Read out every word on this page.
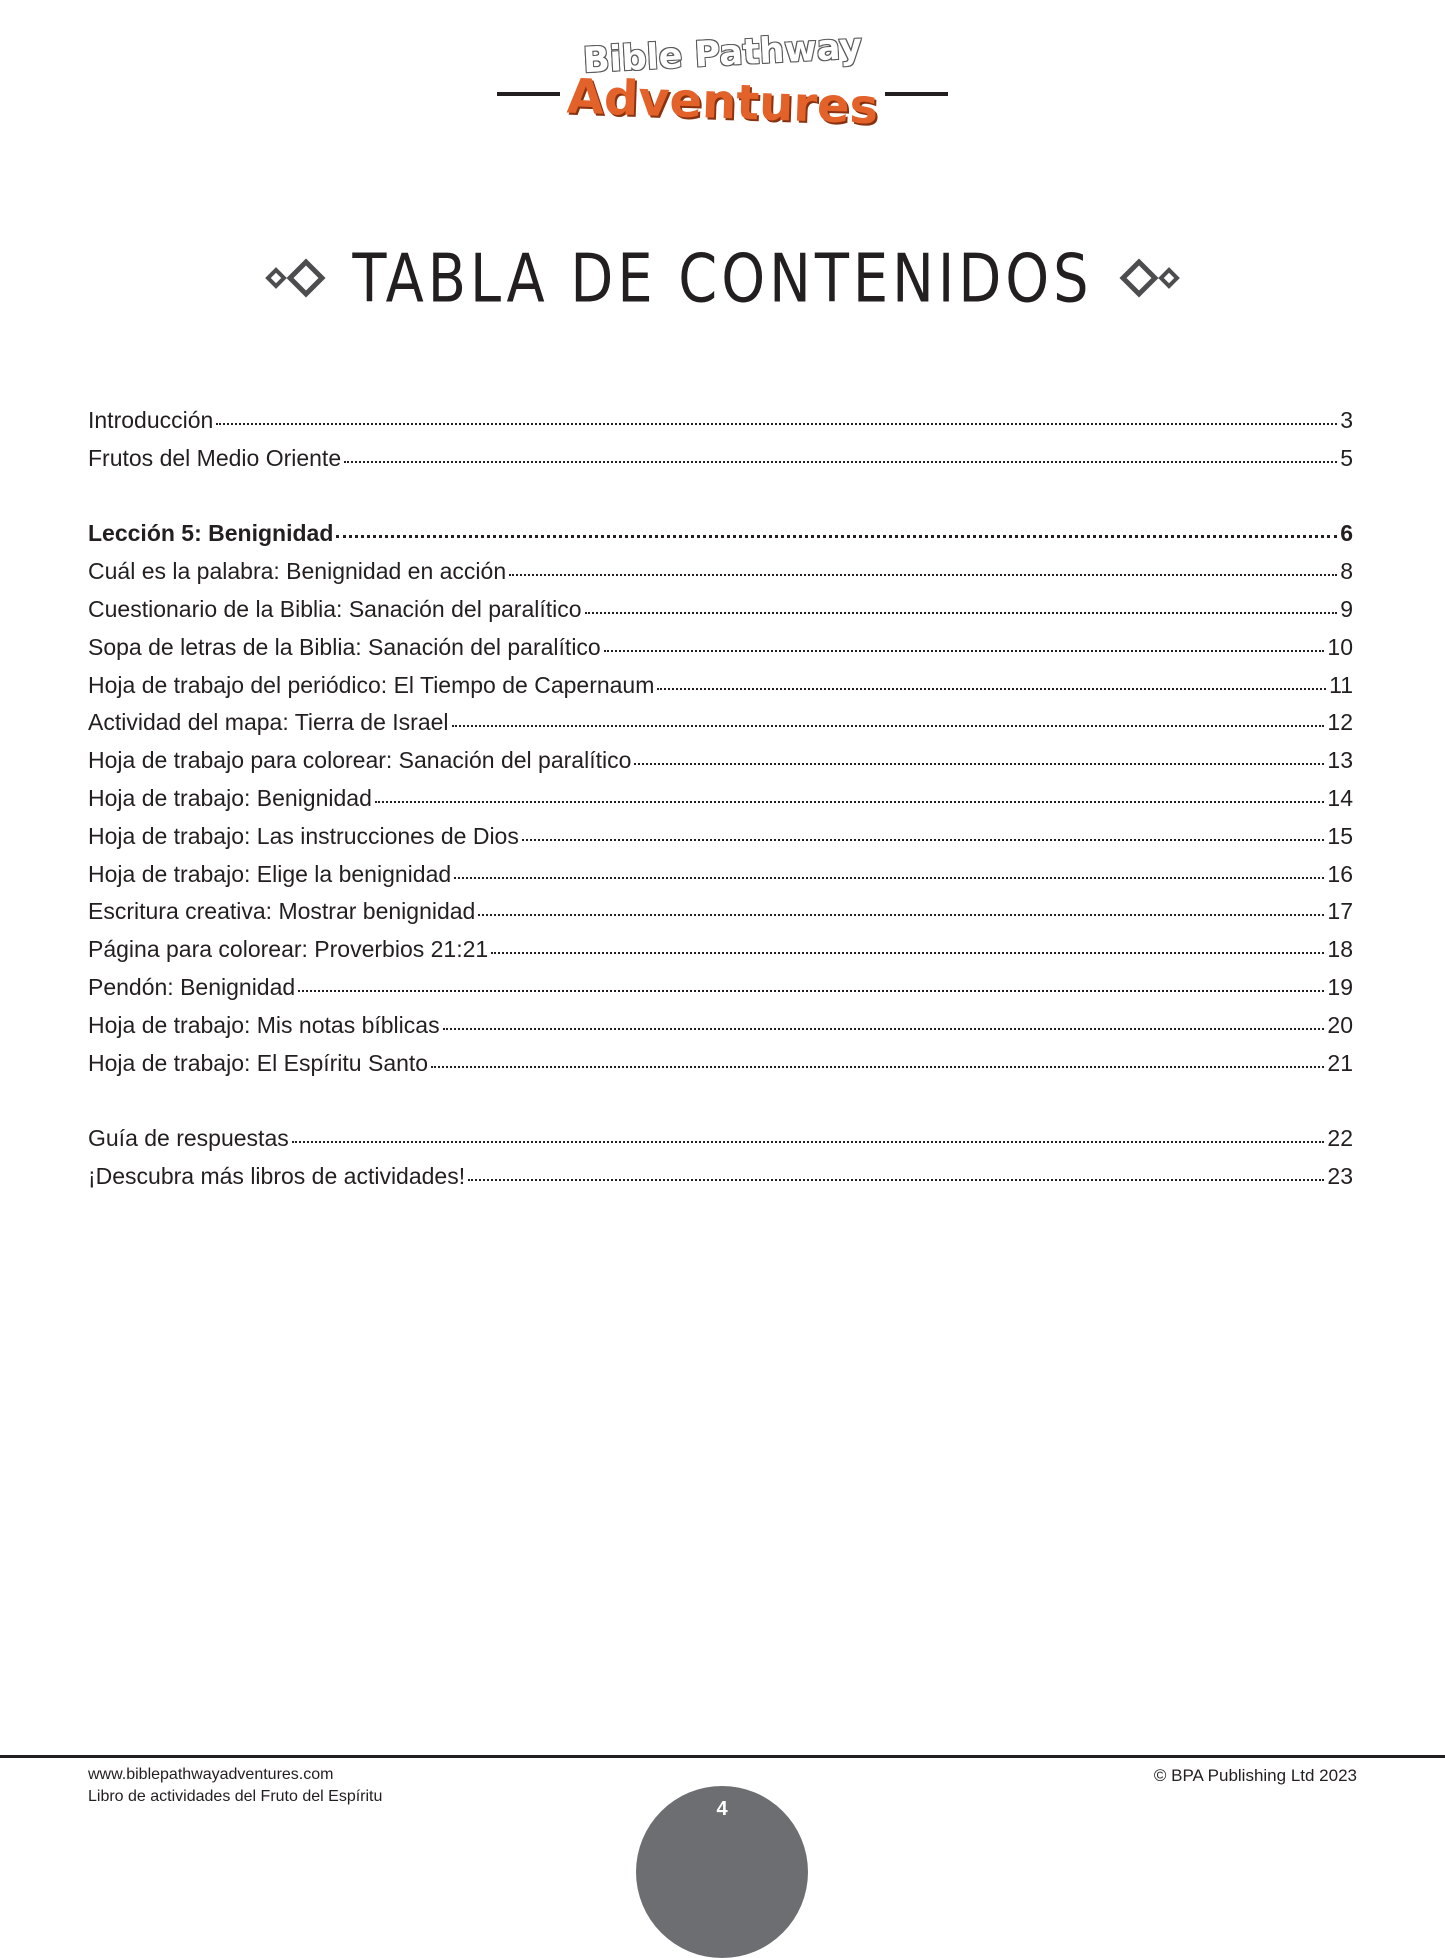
Bible Pathway
Adventures
TABLA DE CONTENIDOS
Introducción	3
Frutos del Medio Oriente	5
Lección 5: Benignidad	6
Cuál es la palabra: Benignidad en acción	8
Cuestionario de la Biblia: Sanación del paralítico	9
Sopa de letras de la Biblia: Sanación del paralítico	10
Hoja de trabajo del periódico: El Tiempo de Capernaum	11
Actividad del mapa: Tierra de Israel	12
Hoja de trabajo para colorear: Sanación del paralítico	13
Hoja de trabajo: Benignidad	14
Hoja de trabajo: Las instrucciones de Dios	15
Hoja de trabajo: Elige la benignidad	16
Escritura creativa: Mostrar benignidad	17
Página para colorear: Proverbios 21:21	18
Pendón: Benignidad	19
Hoja de trabajo: Mis notas bíblicas	20
Hoja de trabajo: El Espíritu Santo	21
Guía de respuestas	22
¡Descubra más libros de actividades!	23
www.biblepathwayadventures.com
Libro de actividades del Fruto del Espíritu
© BPA Publishing Ltd 2023
4
